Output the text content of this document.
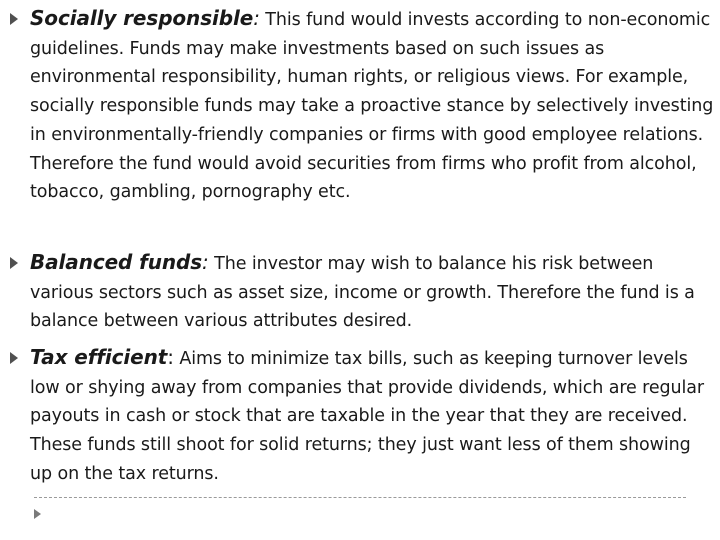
Socially responsible: This fund would invests according to non-economic guidelines. Funds may make investments based on such issues as environmental responsibility, human rights, or religious views. For example, socially responsible funds may take a proactive stance by selectively investing in environmentally-friendly companies or firms with good employee relations. Therefore the fund would avoid securities from firms who profit from alcohol, tobacco, gambling, pornography etc.

Balanced funds: The investor may wish to balance his risk between various sectors such as asset size, income or growth. Therefore the fund is a balance between various attributes desired.

Tax efficient: Aims to minimize tax bills, such as keeping turnover levels low or shying away from companies that provide dividends, which are regular payouts in cash or stock that are taxable in the year that they are received. These funds still shoot for solid returns; they just want less of them showing up on the tax returns.
